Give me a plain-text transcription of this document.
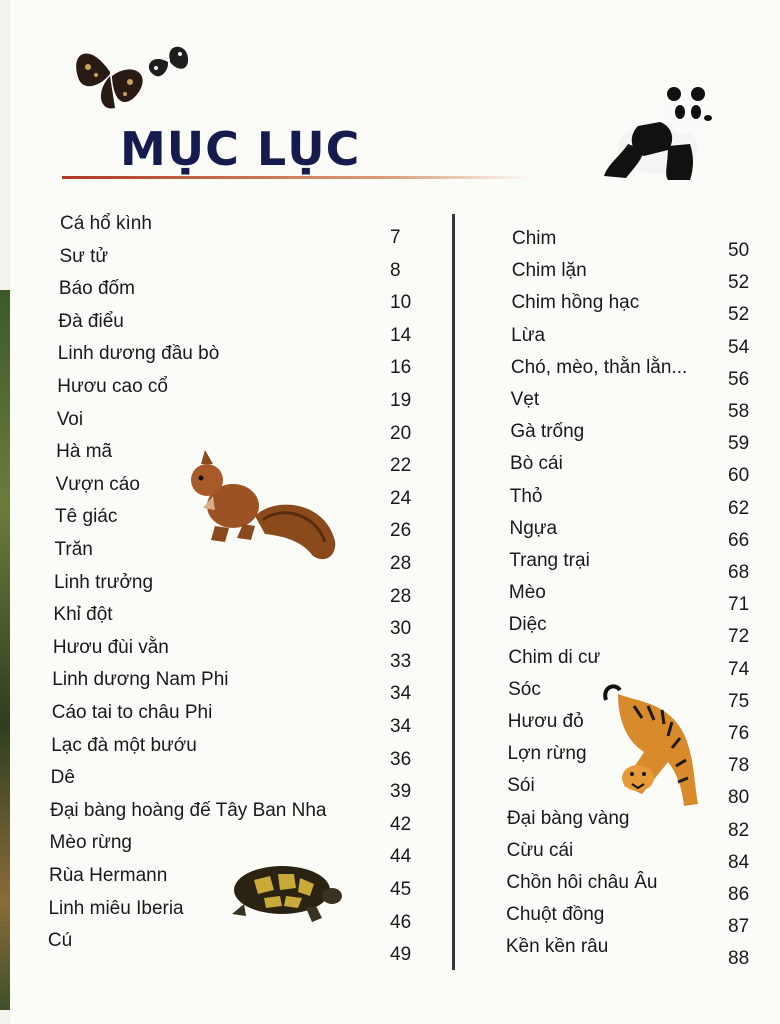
MỤC LỤC
Cá hổ kình
7
Sư tử
8
Báo đốm
10
Đà điểu
14
Linh dương đầu bò
16
Hươu cao cổ
19
Voi
20
Hà mã
22
Vượn cáo
24
Tê giác
26
Trăn
28
Linh trưởng
28
Khỉ đột
30
Hươu đùi vằn
33
Linh dương Nam Phi
34
Cáo tai to châu Phi
34
Lạc đà một bướu
36
Dê
39
Đại bàng hoàng đế Tây Ban Nha
42
Mèo rừng
44
Rùa Hermann
45
Linh miêu Iberia
46
Cú
49
Chim
50
Chim lặn
52
Chim hồng hạc
52
Lừa
54
Chó, mèo, thằn lằn...
56
Vẹt
58
Gà trống
59
Bò cái
60
Thỏ
62
Ngựa
66
Trang trại
68
Mèo
71
Diệc
72
Chim di cư
74
Sóc
75
Hươu đỏ
76
Lợn rừng
78
Sói
80
Đại bàng vàng
82
Cừu cái
84
Chồn hôi châu Âu
86
Chuột đồng
87
Kền kền râu
88
